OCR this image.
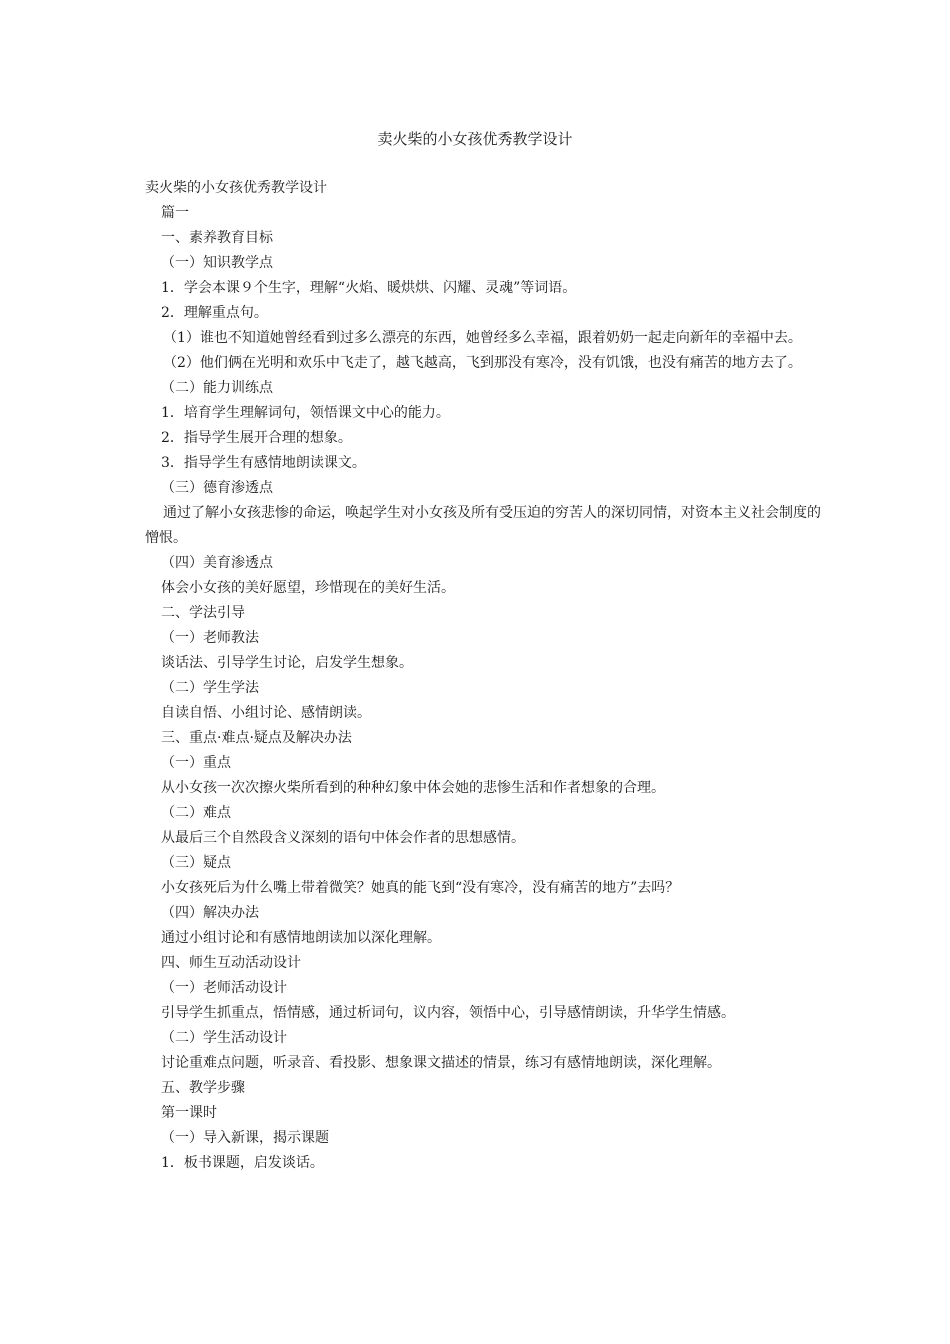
卖火柴的小女孩优秀教学设计

卖火柴的小女孩优秀教学设计

篇一

一、素养教育目标

（一）知识教学点

1．学会本课９个生字，理解“火焰、暖烘烘、闪耀、灵魂”等词语。

2．理解重点句。

（1）谁也不知道她曾经看到过多么漂亮的东西，她曾经多么幸福，跟着奶奶一起走向新年的幸福中去。

（2）他们俩在光明和欢乐中飞走了，越飞越高，飞到那没有寒冷，没有饥饿，也没有痛苦的地方去了。

（二）能力训练点

1．培育学生理解词句，领悟课文中心的能力。

2．指导学生展开合理的想象。

3．指导学生有感情地朗读课文。

（三）德育渗透点

通过了解小女孩悲惨的命运，唤起学生对小女孩及所有受压迫的穷苦人的深切同情，对资本主义社会制度的憎恨。

（四）美育渗透点

体会小女孩的美好愿望，珍惜现在的美好生活。

二、学法引导

（一）老师教法

谈话法、引导学生讨论，启发学生想象。

（二）学生学法

自读自悟、小组讨论、感情朗读。

三、重点·难点·疑点及解决办法

（一）重点

从小女孩一次次擦火柴所看到的种种幻象中体会她的悲惨生活和作者想象的合理。

（二）难点

从最后三个自然段含义深刻的语句中体会作者的思想感情。

（三）疑点

小女孩死后为什么嘴上带着微笑？她真的能飞到“没有寒冷，没有痛苦的地方”去吗？

（四）解决办法

通过小组讨论和有感情地朗读加以深化理解。

四、师生互动活动设计

（一）老师活动设计

引导学生抓重点，悟情感，通过析词句，议内容，领悟中心，引导感情朗读，升华学生情感。

（二）学生活动设计

讨论重难点问题，听录音、看投影、想象课文描述的情景，练习有感情地朗读，深化理解。

五、教学步骤

第一课时

（一）导入新课，揭示课题

1．板书课题，启发谈话。
